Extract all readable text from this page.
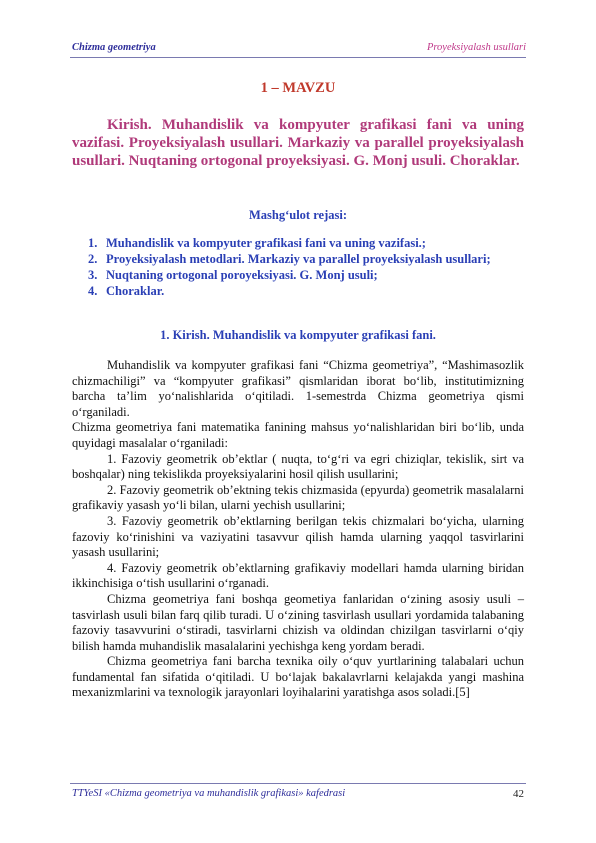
Chizma geometriya	Proyeksiyalash usullari
1 – MAVZU

Kirish. Muhandislik va kompyuter grafikasi fani va uning vazifasi. Proyeksiyalash usullari. Markaziy va parallel proyeksiyalash usullari. Nuqtaning ortogonal proyeksiyasi. G. Monj usuli. Choraklar.

Mashg‘ulot rejasi:
1. Muhandislik va kompyuter grafikasi fani va uning vazifasi.;
2. Proyeksiyalash metodlari. Markaziy va parallel proyeksiyalash usullari;
3. Nuqtaning ortogonal poroyeksiyasi. G. Monj usuli;
4. Choraklar.
1. Kirish. Muhandislik va kompyuter grafikasi fani.

Muhandislik va kompyuter grafikasi fani “Chizma geometriya”, “Mashimasozlik chizmachiligi” va “kompyuter grafikasi” qismlaridan iborat bo‘lib, institutimizning barcha ta’lim yo‘nalishlarida o‘qitiladi. 1-semestrda Chizma geometriya qismi o‘rganiladi.

Chizma geometriya fani matematika fanining mahsus yo‘nalishlaridan biri bo‘lib, unda quyidagi masalalar o‘rganiladi:

1. Fazoviy geometrik ob’ektlar ( nuqta, to‘g‘ri va egri chiziqlar, tekislik, sirt va boshqalar) ning tekislikda proyeksiyalarini hosil qilish usullarini;

2. Fazoviy geometrik ob’ektning tekis chizmasida (epyurda) geometrik masalalarni grafikaviy yasash yo‘li bilan, ularni yechish usullarini;

3. Fazoviy geometrik ob’ektlarning berilgan tekis chizmalari bo‘yicha, ularning fazoviy ko‘rinishini va vaziyatini tasavvur qilish hamda ularning yaqqol tasvirlarini yasash usullarini;

4. Fazoviy geometrik ob’ektlarning grafikaviy modellari hamda ularning biridan ikkinchisiga o‘tish usullarini o‘rganadi.

Chizma geometriya fani boshqa geometiya fanlaridan o‘zining asosiy usuli – tasvirlash usuli bilan farq qilib turadi. U o‘zining tasvirlash usullari yordamida talabaning fazoviy tasavvurini o‘stiradi, tasvirlarni chizish va oldindan chizilgan tasvirlarni o‘qiy bilish hamda muhandislik masalalarini yechishga keng yordam beradi.

Chizma geometriya fani barcha texnika oily o‘quv yurtlarining talabalari uchun fundamental fan sifatida o‘qitiladi. U bo‘lajak bakalavrlarni kelajakda yangi mashina mexanizmlarini va texnologik jarayonlari loyihalarini yaratishga asos soladi.[5]

TTYeSI «Chizma geometriya va muhandislik grafikasi» kafedrasi	42
